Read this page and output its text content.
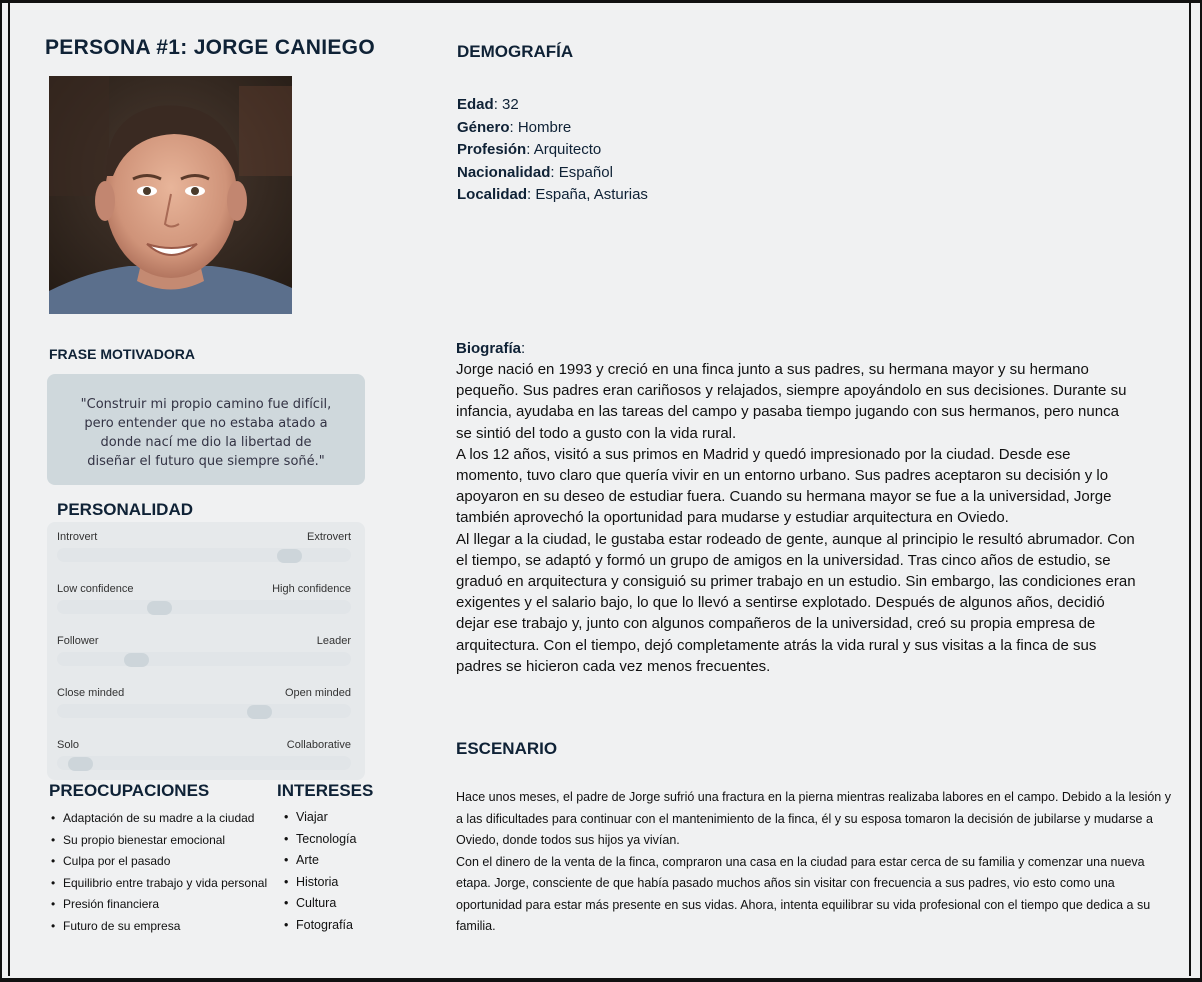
PERSONA #1: JORGE CANIEGO	DEMOGRAFÍA
Edad: 32
Género: Hombre
Profesión: Arquitecto
Nacionalidad: Español
Localidad: España, Asturias
FRASE MOTIVADORA
"Construir mi propio camino fue difícil, pero entender que no estaba atado a donde nací me dio la libertad de diseñar el futuro que siempre soñé."
PERSONALIDAD
Introvert	Extrovert
Low confidence	High confidence
Follower	Leader
Close minded	Open minded
Solo	Collaborative
PREOCUPACIONES
• Adaptación de su madre a la ciudad
• Su propio bienestar emocional
• Culpa por el pasado
• Equilibrio entre trabajo y vida personal
• Presión financiera
• Futuro de su empresa
INTERESES
• Viajar
• Tecnología
• Arte
• Historia
• Cultura
• Fotografía
Biografía:

Jorge nació en 1993 y creció en una finca junto a sus padres, su hermana mayor y su hermano pequeño. Sus padres eran cariñosos y relajados, siempre apoyándolo en sus decisiones. Durante su infancia, ayudaba en las tareas del campo y pasaba tiempo jugando con sus hermanos, pero nunca se sintió del todo a gusto con la vida rural.

A los 12 años, visitó a sus primos en Madrid y quedó impresionado por la ciudad. Desde ese momento, tuvo claro que quería vivir en un entorno urbano. Sus padres aceptaron su decisión y lo apoyaron en su deseo de estudiar fuera. Cuando su hermana mayor se fue a la universidad, Jorge también aprovechó la oportunidad para mudarse y estudiar arquitectura en Oviedo.

Al llegar a la ciudad, le gustaba estar rodeado de gente, aunque al principio le resultó abrumador. Con el tiempo, se adaptó y formó un grupo de amigos en la universidad. Tras cinco años de estudio, se graduó en arquitectura y consiguió su primer trabajo en un estudio. Sin embargo, las condiciones eran exigentes y el salario bajo, lo que lo llevó a sentirse explotado. Después de algunos años, decidió dejar ese trabajo y, junto con algunos compañeros de la universidad, creó su propia empresa de arquitectura. Con el tiempo, dejó completamente atrás la vida rural y sus visitas a la finca de sus padres se hicieron cada vez menos frecuentes.

ESCENARIO

Hace unos meses, el padre de Jorge sufrió una fractura en la pierna mientras realizaba labores en el campo. Debido a la lesión y a las dificultades para continuar con el mantenimiento de la finca, él y su esposa tomaron la decisión de jubilarse y mudarse a Oviedo, donde todos sus hijos ya vivían.

Con el dinero de la venta de la finca, compraron una casa en la ciudad para estar cerca de su familia y comenzar una nueva etapa. Jorge, consciente de que había pasado muchos años sin visitar con frecuencia a sus padres, vio esto como una oportunidad para estar más presente en sus vidas. Ahora, intenta equilibrar su vida profesional con el tiempo que dedica a su familia.
